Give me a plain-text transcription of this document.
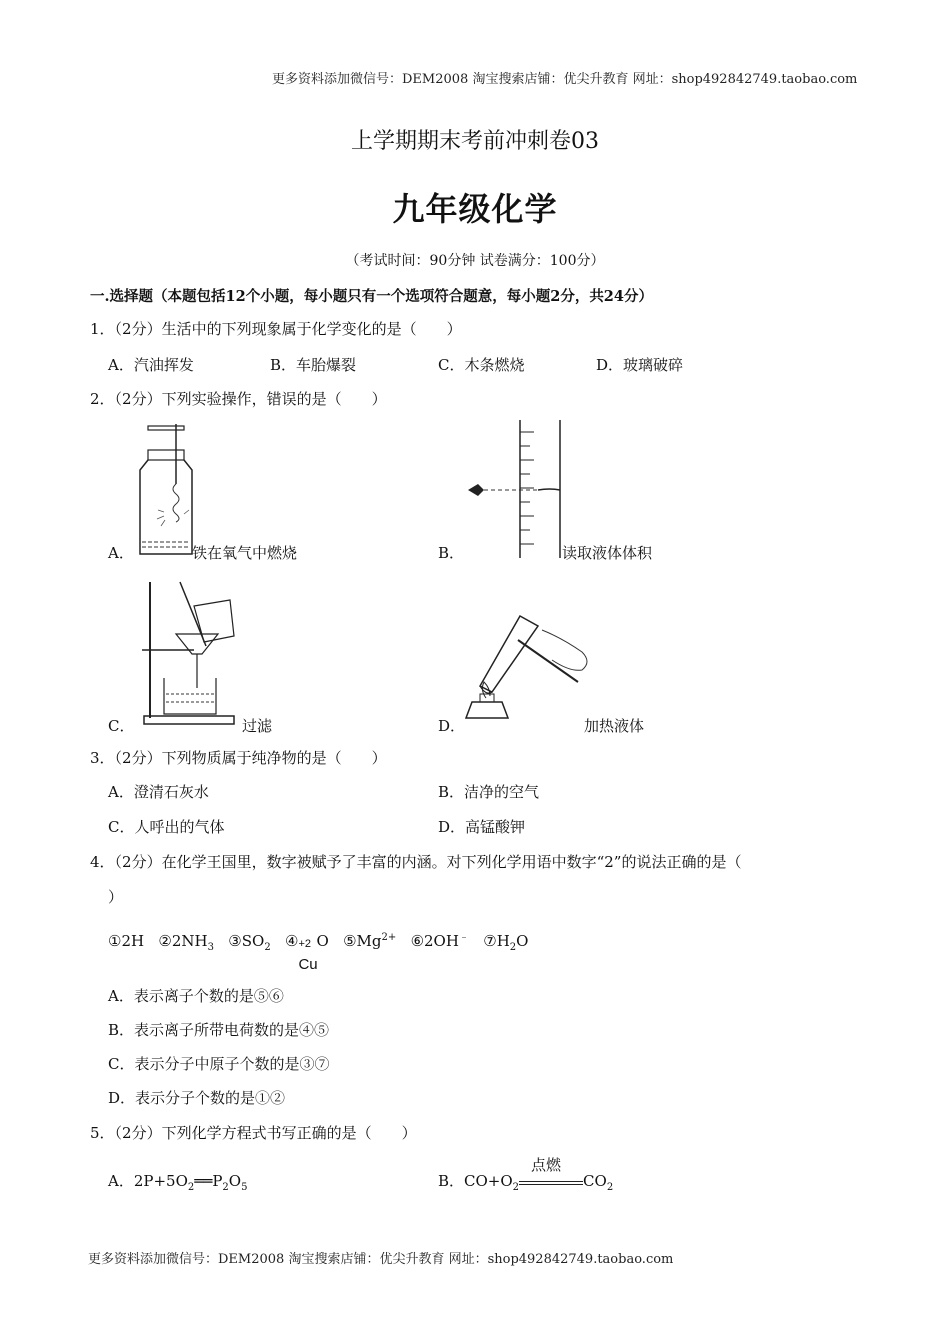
更多资料添加微信号：DEM2008 淘宝搜索店铺：优尖升教育 网址：shop492842749.taobao.com
上学期期末考前冲刺卷03
九年级化学
（考试时间：90分钟 试卷满分：100分）
一.选择题（本题包括12个小题，每小题只有一个选项符合题意，每小题2分，共24分）
1．（2分）生活中的下列现象属于化学变化的是（　　）
A．汽油挥发	B．车胎爆裂	C．木条燃烧	D．玻璃破碎
2．（2分）下列实验操作，错误的是（　　）
A．	铁在氧气中燃烧	B．	读取液体体积
C．	过滤	D．	加热液体
3．（2分）下列物质属于纯净物的是（　　）
A．澄清石灰水	B．洁净的空气
C．人呼出的气体	D．高锰酸钾
4．（2分）在化学王国里，数字被赋予了丰富的内涵。对下列化学用语中数字“2”的说法正确的是（
）
①2H $②2NH_3$ $③SO_2$ ④ +2
Cu
O $⑤Mg^{2+}$ ⑥2OH﹣ $⑦H_2O$
A．表示离子个数的是⑤⑥
B．表示离子所带电荷数的是④⑤
C．表示分子中原子个数的是③⑦
D．表示分子个数的是①②
5．（2分）下列化学方程式书写正确的是（　　）
A．$2P+5O_2══P_2O_5$	B．$CO+O_2$
点燃
$CO_2$
更多资料添加微信号：DEM2008 淘宝搜索店铺：优尖升教育 网址：shop492842749.taobao.com
